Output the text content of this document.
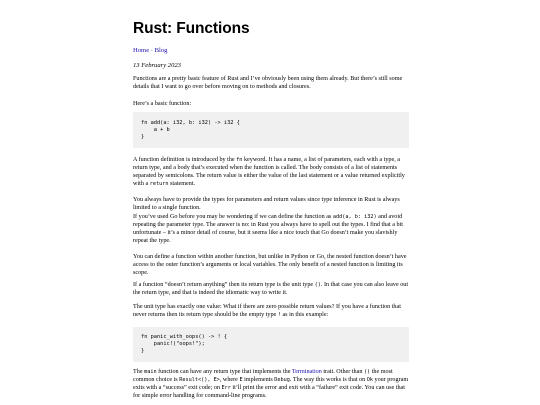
Rust: Functions
Home · Blog
13 February 2023

Functions are a pretty basic feature of Rust and I’ve obviously been using them already. But there’s still some details that I want to go over before moving on to methods and closures.

Here’s a basic function:

fn add(a: i32, b: i32) -> i32 {
a + b
}

A function definition is introduced by the fn keyword. It has a name, a list of parameters, each with a type, a return type, and a body that’s executed when the function is called. The body consists of a list of statements separated by semicolons. The return value is either the value of the last statement or a value returned explicitly with a return statement.

You always have to provide the types for parameters and return values since type inference in Rust is always limited to a single function.

If you’ve used Go before you may be wondering if we can define the function as add(a, b: i32) and avoid repeating the parameter type. The answer is no: in Rust you always have to spell out the types. I find that a bit unfortunate – it’s a minor detail of course, but it seems like a nice touch that Go doesn’t make you slavishly repeat the type.

You can define a function within another function, but unlike in Python or Go, the nested function doesn’t have access to the outer function’s arguments or local variables. The only benefit of a nested function is limiting its scope.

If a function “doesn’t return anything” then its return type is the unit type (). In that case you can also leave out the return type, and that is indeed the idiomatic way to write it.

The unit type has exactly one value: What if there are zero possible return values? If you have a function that never returns then its return type should be the empty type ! as in this example:

fn panic_with_oops() -> ! {
panic!("oops!");
}

The main function can have any return type that implements the Termination trait. Other than () the most common choice is Result<(), E>, where E implements Debug. The way this works is that on Ok your program exits with a “success” exit code; on Err it’ll print the error and exit with a “failure” exit code. You can use that for simple error handling for command-line programs.
